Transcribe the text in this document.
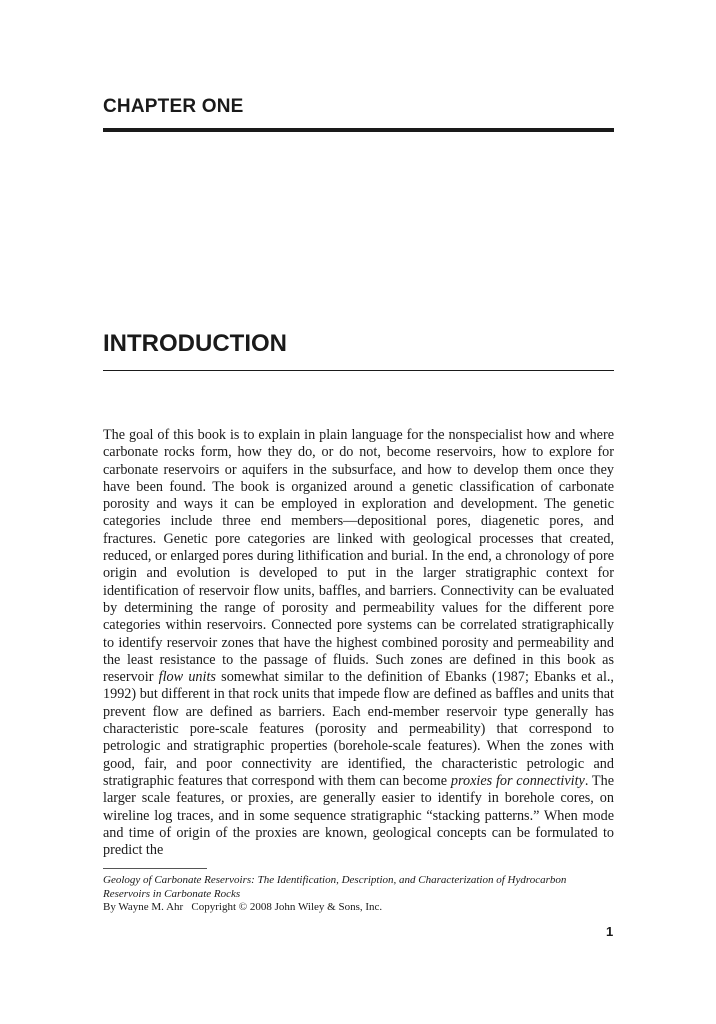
CHAPTER ONE
INTRODUCTION

The goal of this book is to explain in plain language for the nonspecialist how and where carbonate rocks form, how they do, or do not, become reservoirs, how to explore for carbonate reservoirs or aquifers in the subsurface, and how to develop them once they have been found. The book is organized around a genetic classification of carbonate porosity and ways it can be employed in exploration and development. The genetic categories include three end members—depositional pores, diagenetic pores, and fractures. Genetic pore categories are linked with geological processes that created, reduced, or enlarged pores during lithification and burial. In the end, a chronology of pore origin and evolution is developed to put in the larger stratigraphic context for identification of reservoir flow units, baffles, and barriers. Connectivity can be evaluated by determining the range of porosity and permeability values for the different pore categories within reservoirs. Connected pore systems can be correlated stratigraphically to identify reservoir zones that have the highest combined porosity and permeability and the least resistance to the passage of fluids. Such zones are defined in this book as reservoir flow units somewhat similar to the definition of Ebanks (1987; Ebanks et al., 1992) but different in that rock units that impede flow are defined as baffles and units that prevent flow are defined as barriers. Each end-member reservoir type generally has characteristic pore-scale features (porosity and permeability) that correspond to petrologic and stratigraphic properties (borehole-scale features). When the zones with good, fair, and poor connectivity are identified, the characteristic petrologic and stratigraphic features that correspond with them can become proxies for connectivity. The larger scale features, or proxies, are generally easier to identify in borehole cores, on wireline log traces, and in some sequence stratigraphic “stacking patterns.” When mode and time of origin of the proxies are known, geological concepts can be formulated to predict the

Geology of Carbonate Reservoirs: The Identification, Description, and Characterization of Hydrocarbon Reservoirs in Carbonate Rocks
By Wayne M. Ahr   Copyright © 2008 John Wiley & Sons, Inc.
1
